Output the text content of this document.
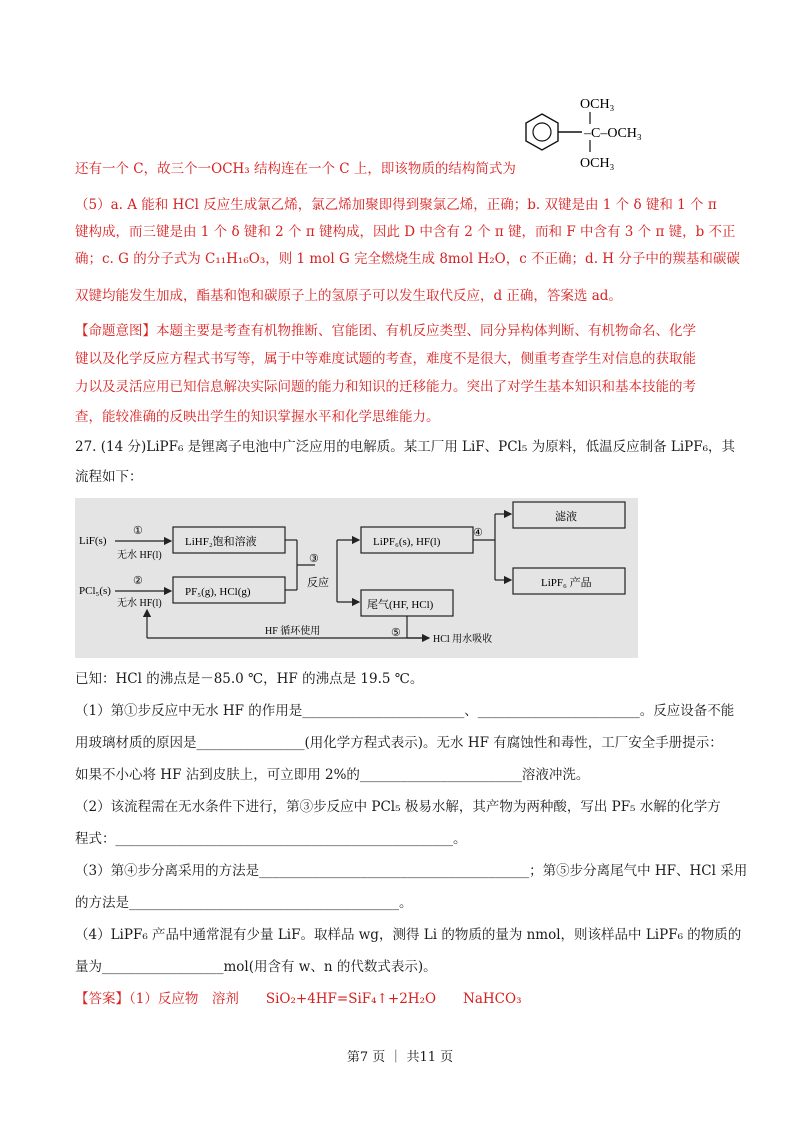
OCH₃
–C–OCH₃
OCH₃
还有一个 C，故三个一OCH₃ 结构连在一个 C 上，即该物质的结构简式为
（5）a. A 能和 HCl 反应生成氯乙烯，氯乙烯加聚即得到聚氯乙烯，正确；b. 双键是由 1 个 δ 键和 1 个 π
键构成，而三键是由 1 个 δ 键和 2 个 π 键构成，因此 D 中含有 2 个 π 键，而和 F 中含有 3 个 π 键，b 不正
确；c. G 的分子式为 C₁₁H₁₆O₃，则 1 mol G 完全燃烧生成 8mol H₂O，c 不正确；d. H 分子中的羰基和碳碳
双键均能发生加成，酯基和饱和碳原子上的氢原子可以发生取代反应，d 正确，答案选 ad。
【命题意图】本题主要是考查有机物推断、官能团、有机反应类型、同分异构体判断、有机物命名、化学
键以及化学反应方程式书写等，属于中等难度试题的考查，难度不是很大，侧重考查学生对信息的获取能
力以及灵活应用已知信息解决实际问题的能力和知识的迁移能力。突出了对学生基本知识和基本技能的考
查，能较准确的反映出学生的知识掌握水平和化学思维能力。
27. (14 分)LiPF₆ 是锂离子电池中广泛应用的电解质。某工厂用 LiF、PCl₅ 为原料，低温反应制备 LiPF₆，其
流程如下：
LiF(s)
PCl₅(s)
①
②
无水 HF(l)
无水 HF(l)
LiHF₂饱和溶液
PF₅(g), HCl(g)
③
反应
LiPF₆(s), HF(l)
尾气(HF, HCl)
④
滤液
LiPF₆ 产品
⑤
HF 循环使用
HCl 用水吸收
已知：HCl 的沸点是－85.0 ℃，HF 的沸点是 19.5 ℃。
（1）第①步反应中无水 HF 的作用是________________________、________________________。反应设备不能
用玻璃材质的原因是________________(用化学方程式表示)。无水 HF 有腐蚀性和毒性，工厂安全手册提示：
如果不小心将 HF 沾到皮肤上，可立即用 2%的________________________溶液冲洗。
（2）该流程需在无水条件下进行，第③步反应中 PCl₅ 极易水解，其产物为两种酸，写出 PF₅ 水解的化学方
程式：__________________________________________________。
（3）第④步分离采用的方法是________________________________________；第⑤步分离尾气中 HF、HCl 采用
的方法是________________________________________。
（4）LiPF₆ 产品中通常混有少量 LiF。取样品 wg，测得 Li 的物质的量为 nmol，则该样品中 LiPF₆ 的物质的
量为__________________mol(用含有 w、n 的代数式表示)。
【答案】（1）反应物　溶剂　　SiO₂+4HF=SiF₄↑+2H₂O　　NaHCO₃
第7 页 ｜ 共11 页
